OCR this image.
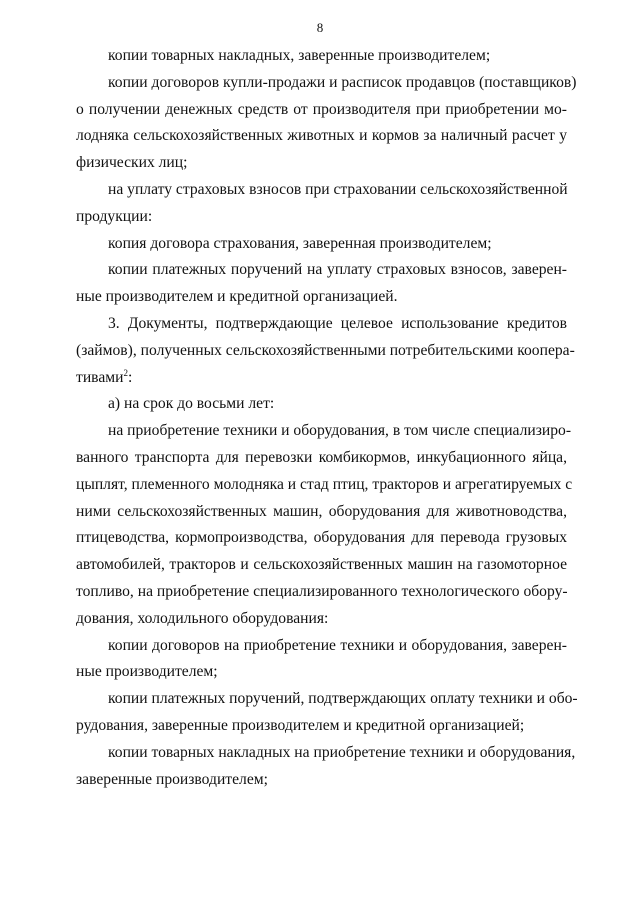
8
копии товарных накладных, заверенные производителем;
копии договоров купли-продажи и расписок продавцов (поставщиков)
о получении денежных средств от производителя при приобретении мо-
лодняка сельскохозяйственных животных и кормов за наличный расчет у
физических лиц;
на уплату страховых взносов при страховании сельскохозяйственной
продукции:
копия договора страхования, заверенная производителем;
копии платежных поручений на уплату страховых взносов, заверен-
ные производителем и кредитной организацией.
3. Документы, подтверждающие целевое использование кредитов
(займов), полученных сельскохозяйственными потребительскими коопера-
тивами$^2$:
а) на срок до восьми лет:
на приобретение техники и оборудования, в том числе специализиро-
ванного транспорта для перевозки комбикормов, инкубационного яйца,
цыплят, племенного молодняка и стад птиц, тракторов и агрегатируемых с
ними сельскохозяйственных машин, оборудования для животноводства,
птицеводства, кормопроизводства, оборудования для перевода грузовых
автомобилей, тракторов и сельскохозяйственных машин на газомоторное
топливо, на приобретение специализированного технологического обору-
дования, холодильного оборудования:
копии договоров на приобретение техники и оборудования, заверен-
ные производителем;
копии платежных поручений, подтверждающих оплату техники и обо-
рудования, заверенные производителем и кредитной организацией;
копии товарных накладных на приобретение техники и оборудования,
заверенные производителем;
